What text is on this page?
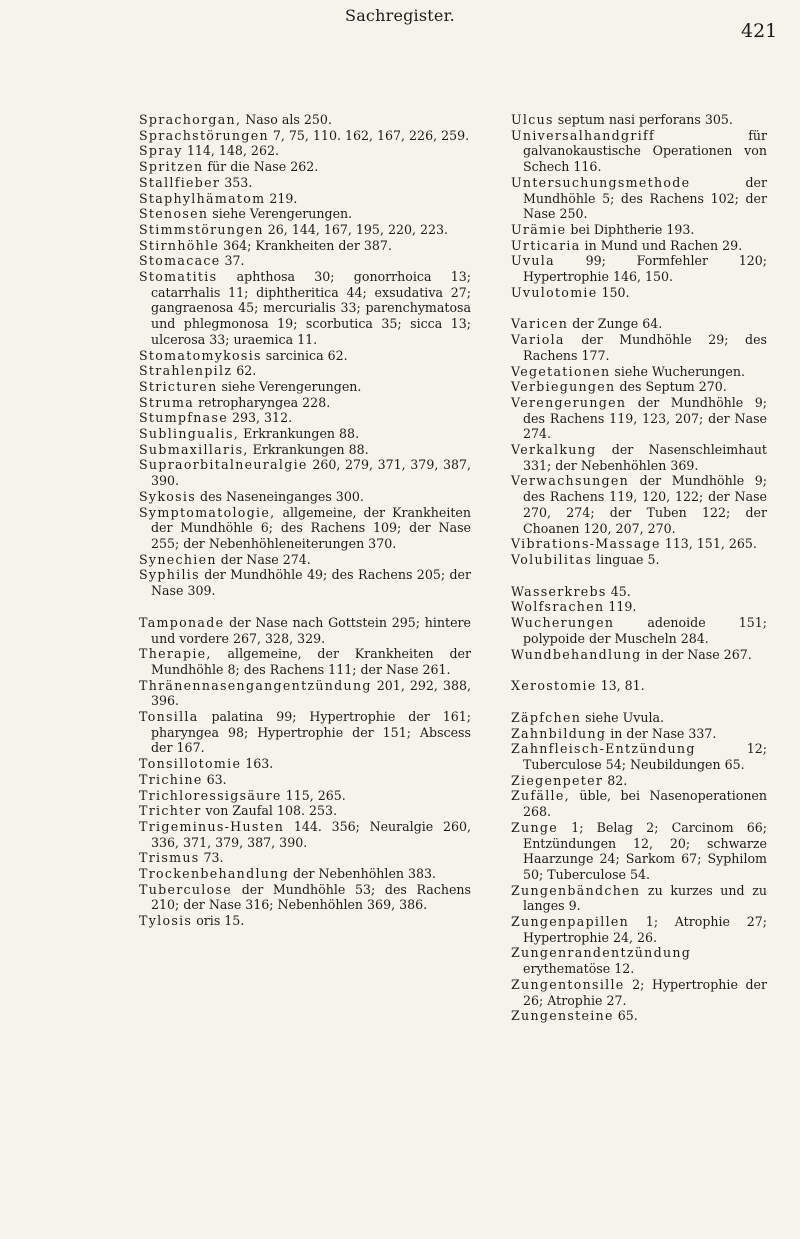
Sachregister.
421
Sprachorgan, Naso als 250.
Sprachstörungen 7, 75, 110. 162, 167, 226, 259.
Spray 114, 148, 262.
Spritzen für die Nase 262.
Stallfieber 353.
Staphylhämatom 219.
Stenosen siehe Verengerungen.
Stimmstörungen 26, 144, 167, 195, 220, 223.
Stirnhöhle 364; Krankheiten der 387.
Stomacace 37.
Stomatitis aphthosa 30; gonorrhoica 13; catarrhalis 11; diphtheritica 44; exsudativa 27; gangraenosa 45; mercurialis 33; parenchymatosa und phlegmonosa 19; scorbutica 35; sicca 13; ulcerosa 33; uraemica 11.
Stomatomykosis sarcinica 62.
Strahlenpilz 62.
Stricturen siehe Verengerungen.
Struma retropharyngea 228.
Stumpfnase 293, 312.
Sublingualis, Erkrankungen 88.
Submaxillaris, Erkrankungen 88.
Supraorbitalneuralgie 260, 279, 371, 379, 387, 390.
Sykosis des Naseneinganges 300.
Symptomatologie, allgemeine, der Krankheiten der Mundhöhle 6; des Rachens 109; der Nase 255; der Nebenhöhleneiterungen 370.
Synechien der Nase 274.
Syphilis der Mundhöhle 49; des Rachens 205; der Nase 309.
Tamponade der Nase nach Gottstein 295; hintere und vordere 267, 328, 329.
Therapie, allgemeine, der Krankheiten der Mundhöhle 8; des Rachens 111; der Nase 261.
Thränennasengangentzündung 201, 292, 388, 396.
Tonsilla palatina 99; Hypertrophie der 161; pharyngea 98; Hypertrophie der 151; Abscess der 167.
Tonsillotomie 163.
Trichine 63.
Trichloressigsäure 115, 265.
Trichter von Zaufal 108. 253.
Trigeminus-Husten 144. 356; Neuralgie 260, 336, 371, 379, 387, 390.
Trismus 73.
Trockenbehandlung der Nebenhöhlen 383.
Tuberculose der Mundhöhle 53; des Rachens 210; der Nase 316; Nebenhöhlen 369, 386.
Tylosis oris 15.
Ulcus septum nasi perforans 305.
Universalhandgriff für galvanokaustische Operationen von Schech 116.
Untersuchungsmethode der Mundhöhle 5; des Rachens 102; der Nase 250.
Urämie bei Diphtherie 193.
Urticaria in Mund und Rachen 29.
Uvula 99; Formfehler 120; Hypertrophie 146, 150.
Uvulotomie 150.
Varicen der Zunge 64.
Variola der Mundhöhle 29; des Rachens 177.
Vegetationen siehe Wucherungen.
Verbiegungen des Septum 270.
Verengerungen der Mundhöhle 9; des Rachens 119, 123, 207; der Nase 274.
Verkalkung der Nasenschleimhaut 331; der Nebenhöhlen 369.
Verwachsungen der Mundhöhle 9; des Rachens 119, 120, 122; der Nase 270, 274; der Tuben 122; der Choanen 120, 207, 270.
Vibrations-Massage 113, 151, 265.
Volubilitas linguae 5.
Wasserkrebs 45.
Wolfsrachen 119.
Wucherungen adenoide 151; polypoide der Muscheln 284.
Wundbehandlung in der Nase 267.
Xerostomie 13, 81.
Zäpfchen siehe Uvula.
Zahnbildung in der Nase 337.
Zahnfleisch-Entzündung 12; Tuberculose 54; Neubildungen 65.
Ziegenpeter 82.
Zufälle, üble, bei Nasenoperationen 268.
Zunge 1; Belag 2; Carcinom 66; Entzündungen 12, 20; schwarze Haarzunge 24; Sarkom 67; Syphilom 50; Tuberculose 54.
Zungenbändchen zu kurzes und zu langes 9.
Zungenpapillen 1; Atrophie 27; Hypertrophie 24, 26.
Zungenrandentzündung erythematöse 12.
Zungentonsille 2; Hypertrophie der 26; Atrophie 27.
Zungensteine 65.
